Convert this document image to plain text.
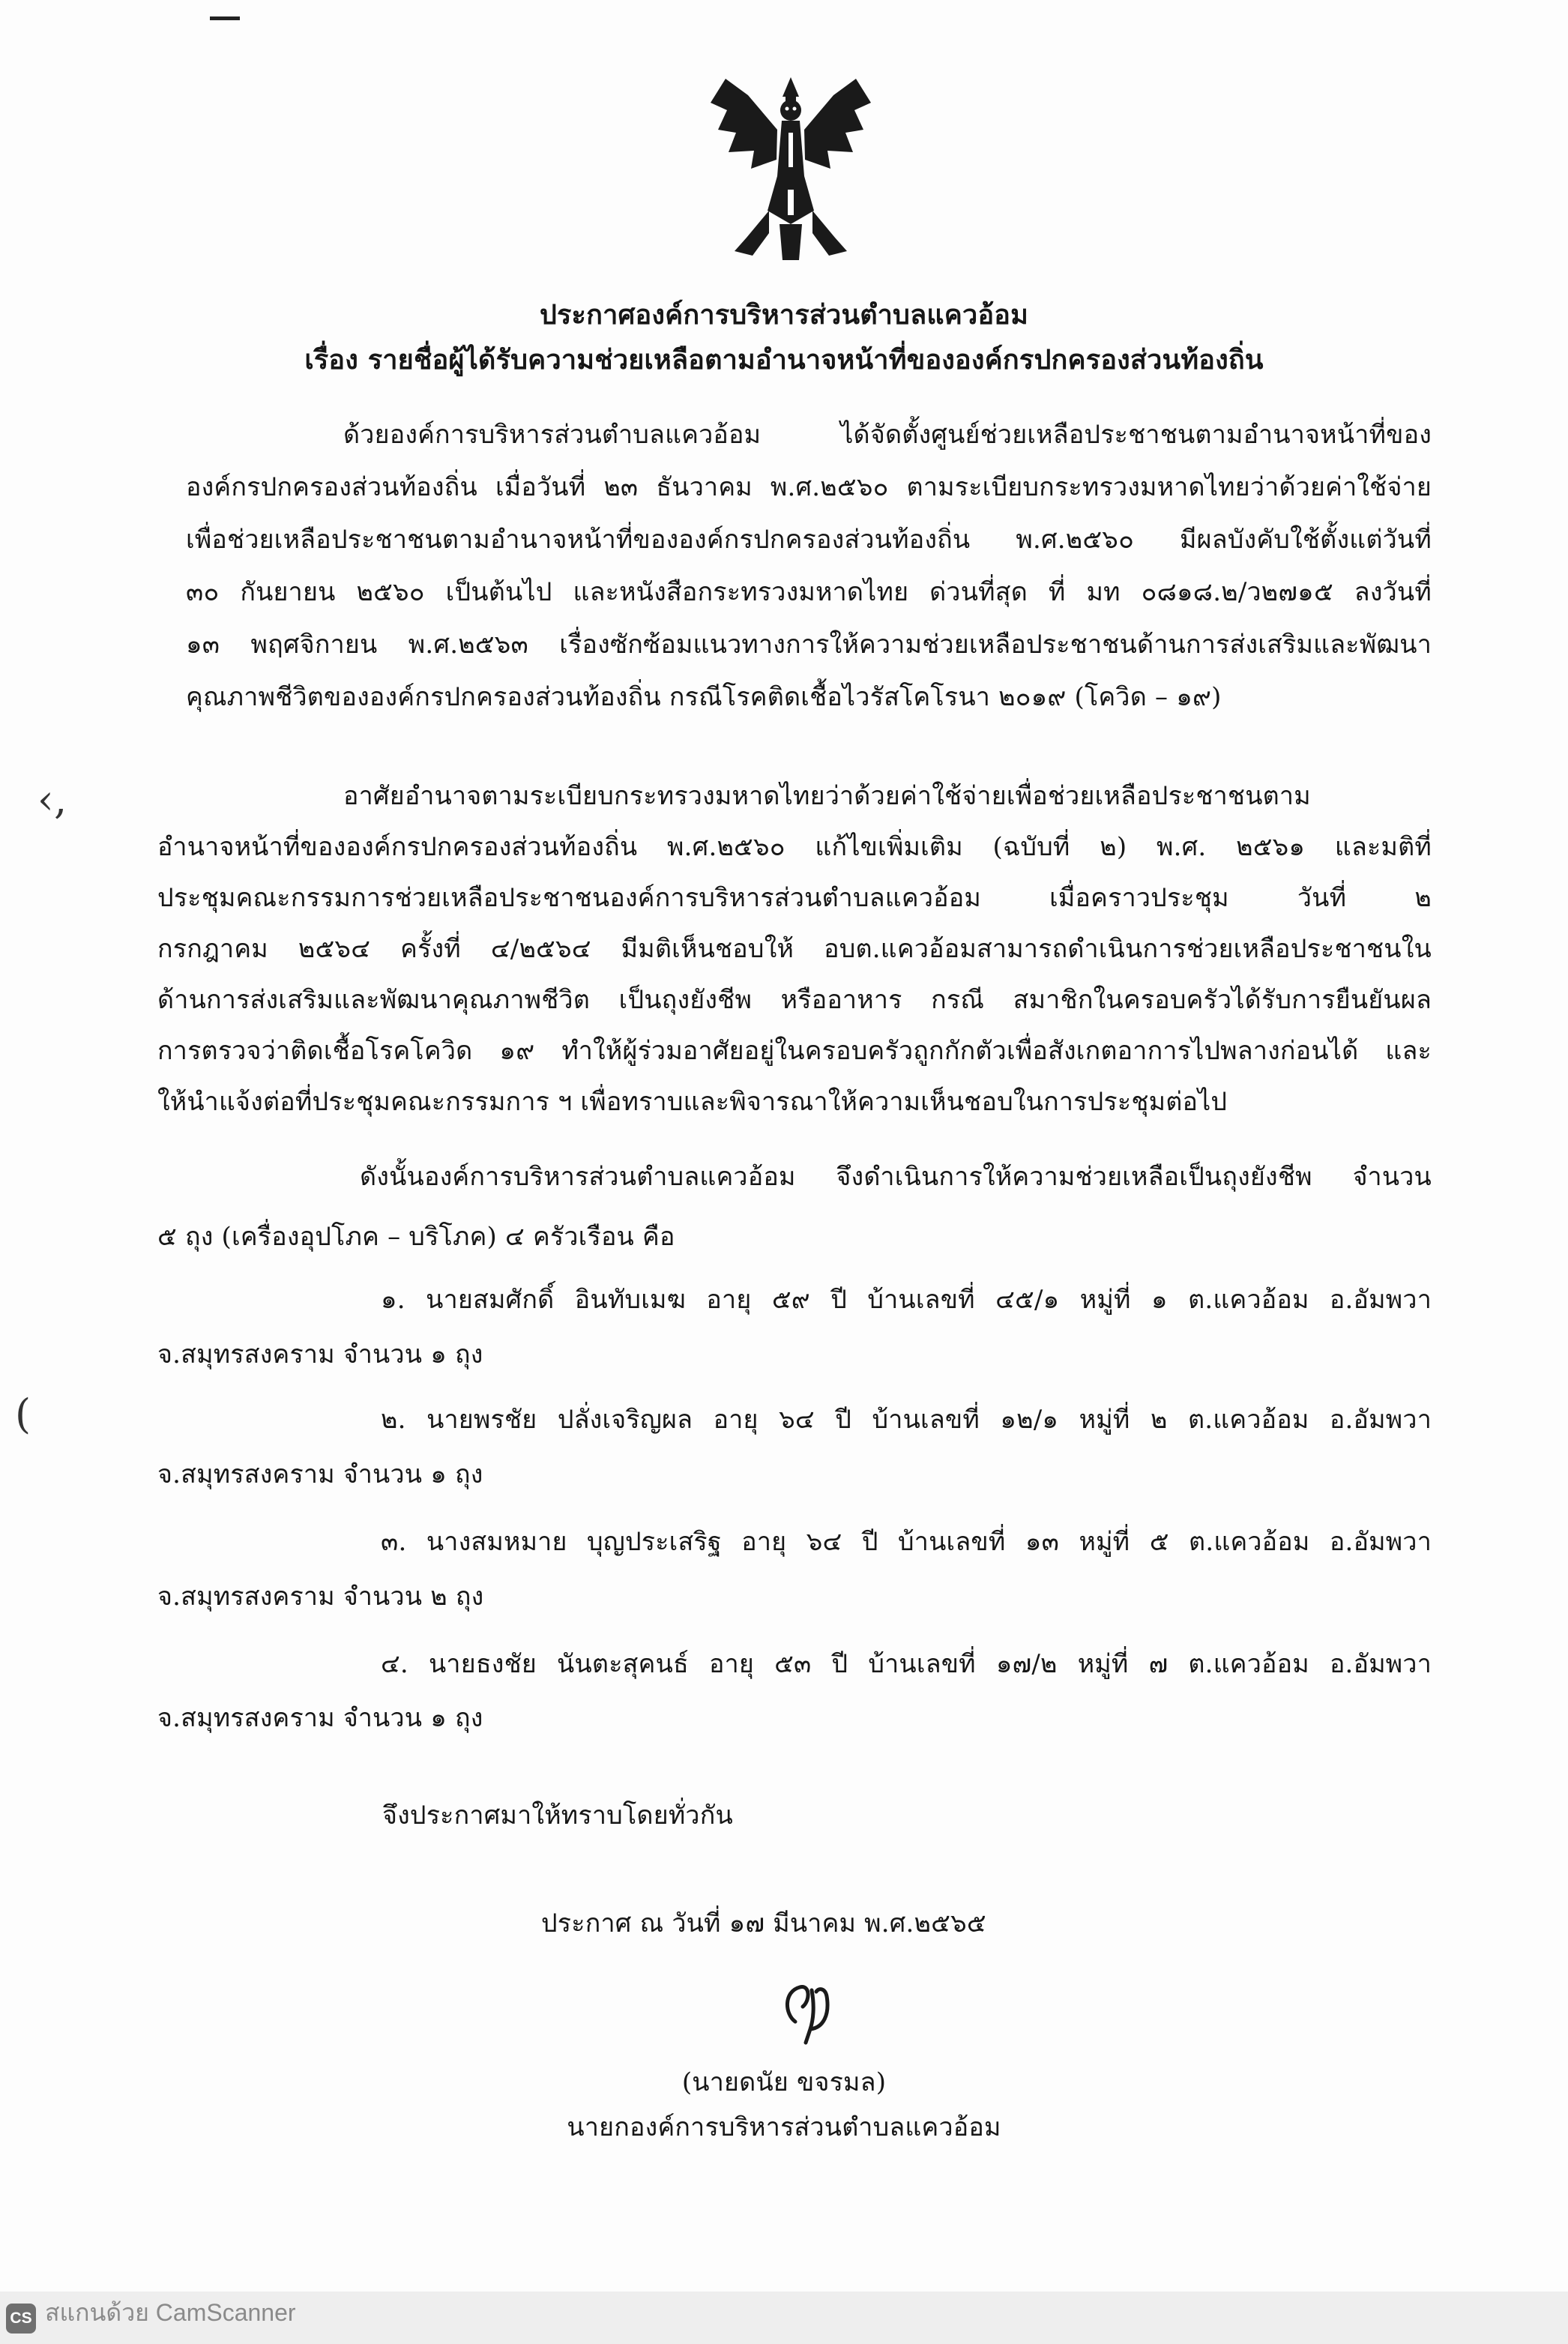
‹‚
(
ประกาศองค์การบริหารส่วนตำบลแควอ้อม
เรื่อง รายชื่อผู้ได้รับความช่วยเหลือตามอำนาจหน้าที่ขององค์กรปกครองส่วนท้องถิ่น
ด้วยองค์การบริหารส่วนตำบลแควอ้อม ได้จัดตั้งศูนย์ช่วยเหลือประชาชนตามอำนาจหน้าที่ของ
องค์กรปกครองส่วนท้องถิ่น เมื่อวันที่ ๒๓ ธันวาคม พ.ศ.๒๕๖๐ ตามระเบียบกระทรวงมหาดไทยว่าด้วยค่าใช้จ่าย
เพื่อช่วยเหลือประชาชนตามอำนาจหน้าที่ขององค์กรปกครองส่วนท้องถิ่น พ.ศ.๒๕๖๐ มีผลบังคับใช้ตั้งแต่วันที่
๓๐ กันยายน ๒๕๖๐ เป็นต้นไป และหนังสือกระทรวงมหาดไทย ด่วนที่สุด ที่ มท ๐๘๑๘.๒/ว๒๗๑๕ ลงวันที่
๑๓ พฤศจิกายน พ.ศ.๒๕๖๓ เรื่องซักซ้อมแนวทางการให้ความช่วยเหลือประชาชนด้านการส่งเสริมและพัฒนา
คุณภาพชีวิตขององค์กรปกครองส่วนท้องถิ่น กรณีโรคติดเชื้อไวรัสโคโรนา ๒๐๑๙ (โควิด – ๑๙)
อาศัยอำนาจตามระเบียบกระทรวงมหาดไทยว่าด้วยค่าใช้จ่ายเพื่อช่วยเหลือประชาชนตาม
อำนาจหน้าที่ขององค์กรปกครองส่วนท้องถิ่น พ.ศ.๒๕๖๐ แก้ไขเพิ่มเติม (ฉบับที่ ๒) พ.ศ. ๒๕๖๑ และมติที่
ประชุมคณะกรรมการช่วยเหลือประชาชนองค์การบริหารส่วนตำบลแควอ้อม เมื่อคราวประชุม วันที่ ๒
กรกฎาคม ๒๕๖๔ ครั้งที่ ๔/๒๕๖๔ มีมติเห็นชอบให้ อบต.แควอ้อมสามารถดำเนินการช่วยเหลือประชาชนใน
ด้านการส่งเสริมและพัฒนาคุณภาพชีวิต เป็นถุงยังชีพ หรืออาหาร กรณี สมาชิกในครอบครัวได้รับการยืนยันผล
การตรวจว่าติดเชื้อโรคโควิด ๑๙ ทำให้ผู้ร่วมอาศัยอยู่ในครอบครัวถูกกักตัวเพื่อสังเกตอาการไปพลางก่อนได้ และ
ให้นำแจ้งต่อที่ประชุมคณะกรรมการ ฯ เพื่อทราบและพิจารณาให้ความเห็นชอบในการประชุมต่อไป
ดังนั้นองค์การบริหารส่วนตำบลแควอ้อม จึงดำเนินการให้ความช่วยเหลือเป็นถุงยังชีพ จำนวน
๕ ถุง (เครื่องอุปโภค – บริโภค) ๔ ครัวเรือน คือ
๑. นายสมศักดิ์ อินทับเมฆ อายุ ๕๙ ปี บ้านเลขที่ ๔๕/๑ หมู่ที่ ๑ ต.แควอ้อม อ.อัมพวา
จ.สมุทรสงคราม จำนวน ๑ ถุง
๒. นายพรชัย ปลั่งเจริญผล อายุ ๖๔ ปี บ้านเลขที่ ๑๒/๑ หมู่ที่ ๒ ต.แควอ้อม อ.อัมพวา
จ.สมุทรสงคราม จำนวน ๑ ถุง
๓. นางสมหมาย บุญประเสริฐ อายุ ๖๔ ปี บ้านเลขที่ ๑๓ หมู่ที่ ๕ ต.แควอ้อม อ.อัมพวา
จ.สมุทรสงคราม จำนวน ๒ ถุง
๔. นายธงชัย นันตะสุคนธ์ อายุ ๕๓ ปี บ้านเลขที่ ๑๗/๒ หมู่ที่ ๗ ต.แควอ้อม อ.อัมพวา
จ.สมุทรสงคราม จำนวน ๑ ถุง
จึงประกาศมาให้ทราบโดยทั่วกัน
ประกาศ ณ วันที่ ๑๗ มีนาคม พ.ศ.๒๕๖๕
(นายดนัย ขจรมล)
นายกองค์การบริหารส่วนตำบลแควอ้อม
CS สแกนด้วย CamScanner
